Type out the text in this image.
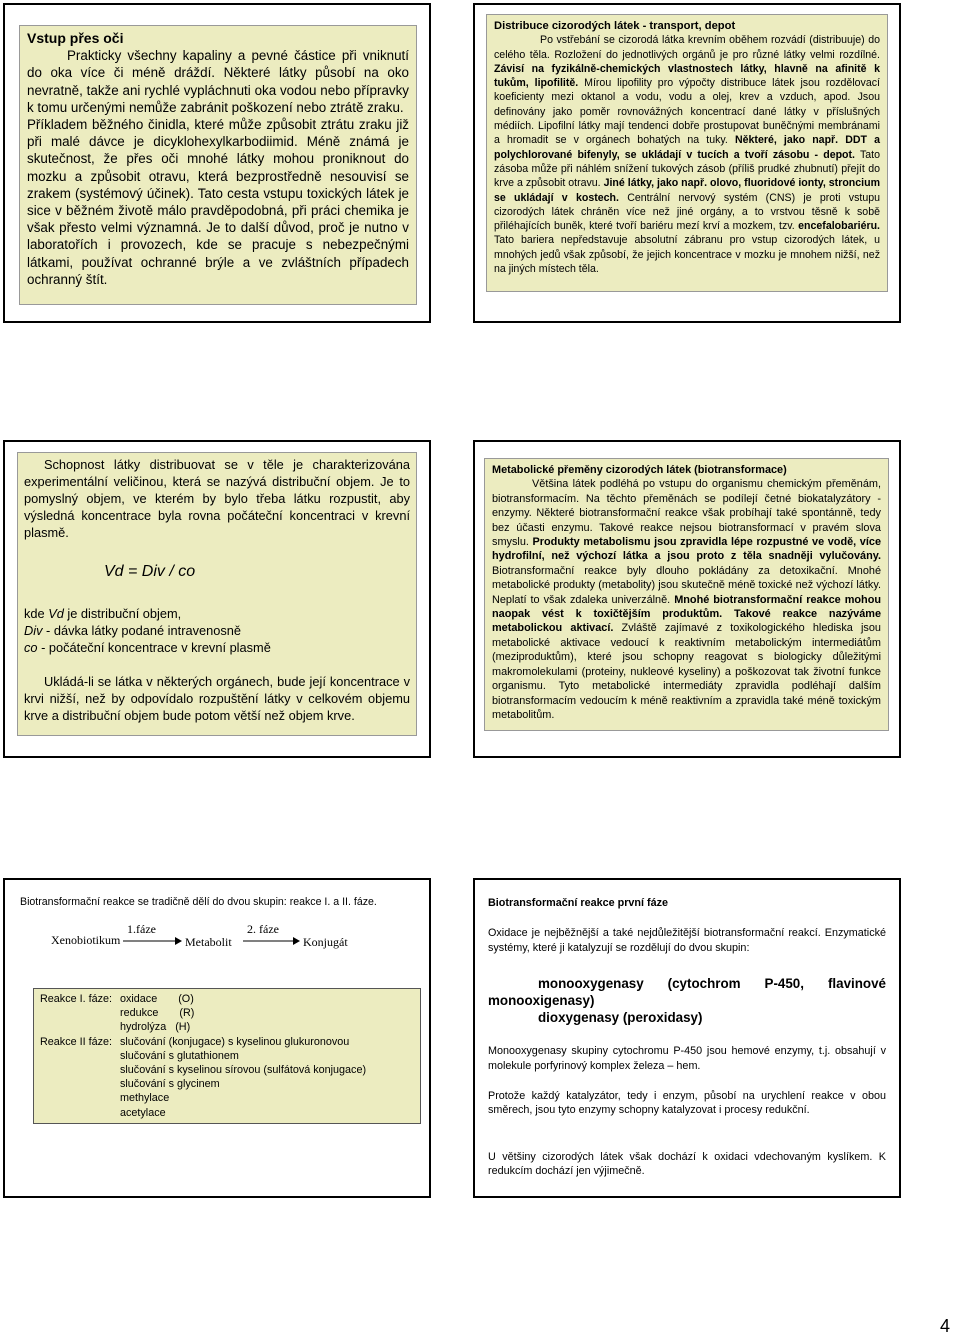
Vstup přes oči

Prakticky všechny kapaliny a pevné částice při vniknutí do oka více či méně dráždí. Některé látky působí na oko nevratně, takže ani rychlé vypláchnuti oka vodou nebo přípravky k tomu určenými nemůže zabránit poškození nebo ztrátě zraku.

Příkladem běžného činidla, které může způsobit ztrátu zraku již při malé dávce je dicyklohexylkarbodiimid. Méně známá je skutečnost, že přes oči mnohé látky mohou proniknout do mozku a způsobit otravu, která bezprostředně nesouvisí se zrakem (systémový účinek). Tato cesta vstupu toxických látek je sice v běžném životě málo pravděpodobná, při práci chemika je však přesto velmi významná. Je to další důvod, proč je nutno v laboratořích i provozech, kde se pracuje s nebezpečnými látkami, používat ochranné brýle a ve zvláštních případech ochranný štít.
Distribuce cizorodých látek - transport, depot

Po vstřebání se cizorodá látka krevním oběhem rozvádí (distribuuje) do celého těla. Rozložení do jednotlivých orgánů je pro různé látky velmi rozdílné. Závisí na fyzikálně-chemických vlastnostech látky, hlavně na afinitě k tukům, lipofilitě. Mírou lipofility pro výpočty distribuce látek jsou rozdělovací koeficienty mezi oktanol a vodu, vodu a olej, krev a vzduch, apod. Jsou definovány jako poměr rovnovážných koncentrací dané látky v příslušných médiích. Lipofilní látky mají tendenci dobře prostupovat buněčnými membránami a hromadit se v orgánech bohatých na tuky. Některé, jako např. DDT a polychlorované bifenyly, se ukládají v tucích a tvoří zásobu - depot. Tato zásoba může při náhlém snížení tukových zásob (příliš prudké zhubnutí) přejít do krve a způsobit otravu. Jiné látky, jako např. olovo, fluoridové ionty, stroncium se ukládají v kostech. Centrální nervový systém (CNS) je proti vstupu cizorodých látek chráněn více než jiné orgány, a to vrstvou těsně k sobě přiléhajících buněk, které tvoří bariéru mezí krví a mozkem, tzv. encefalobariéru. Tato bariera nepředstavuje absolutní zábranu pro vstup cizorodých látek, u mnohých jedů však způsobí, že jejich koncentrace v mozku je mnohem nižší, než na jiných místech těla.

Schopnost látky distribuovat se v těle je charakterizována experimentální veličinou, která se nazývá distribuční objem. Je to pomyslný objem, ve kterém by bylo třeba látku rozpustit, aby výsledná koncentrace byla rovna počáteční koncentraci v krevní plasmě.

Vd = Div / co

kde Vd je distribuční objem,

Div - dávka látky podané intravenosně

co - počáteční koncentrace v krevní plasmě

Ukládá-li se látka v některých orgánech, bude její koncentrace v krvi nižší, než by odpovídalo rozpuštění látky v celkovém objemu krve a distribuční objem bude potom větší než objem krve.

Metabolické přeměny cizorodých látek (biotransformace)

Většina látek podléhá po vstupu do organismu chemickým přeměnám, biotransformacím. Na těchto přeměnách se podílejí četné biokatalyzátory - enzymy. Některé biotransformační reakce však probíhají také spontánně, tedy bez účasti enzymu. Takové reakce nejsou biotransformací v pravém slova smyslu. Produkty metabolismu jsou zpravidla lépe rozpustné ve vodě, více hydrofilní, než výchozí látka a jsou proto z těla snadněji vylučovány. Biotransformační reakce byly dlouho pokládány za detoxikační. Mnohé metabolické produkty (metabolity) jsou skutečně méně toxické než výchozí látky. Neplatí to však zdaleka univerzálně. Mnohé biotransformační reakce mohou naopak vést k toxičtějším produktům. Takové reakce nazýváme metabolickou aktivací. Zvláště zajímavé z toxikologického hlediska jsou metabolické aktivace vedoucí k reaktivním metabolickým intermediátům (meziproduktům), které jsou schopny reagovat s biologicky důležitými makromolekulami (proteiny, nukleové kyseliny) a poškozovat tak životní funkce organismu. Tyto metabolické intermediáty zpravidla podléhají dalším biotransformacím vedoucím k méně reaktivním a zpravidla také méně toxickým metabolitům.

Biotransformační reakce se tradičně dělí do dvou skupin: reakce I. a II. fáze.
Xenobiotikum
1.fáze
Metabolit
2. fáze
Konjugát
Reakce I. fáze: oxidace       (O)
redukce       (R)
hydrolýza   (H)
Reakce II fáze: slučování (konjugace) s kyselinou glukuronovou
slučování s glutathionem
slučování s kyselinou sírovou (sulfátová konjugace)
slučování s glycinem
methylace
acetylace
Biotransformační reakce první fáze

Oxidace je nejběžnější a také nejdůležitější biotransformační reakcí. Enzymatické systémy, které ji katalyzují se rozdělují do dvou skupin:

monooxygenasy (cytochrom P-450, flavinové monooxigenasy)

dioxygenasy (peroxidasy)

Monooxygenasy skupiny cytochromu P-450 jsou hemové enzymy, t.j. obsahují v molekule porfyrinový komplex železa – hem.

Protože každý katalyzátor, tedy i enzym, působí na urychlení reakce v obou směrech, jsou tyto enzymy schopny katalyzovat i procesy redukční.

U většiny cizorodých látek však dochází k oxidaci vdechovaným kyslíkem. K redukcím dochází jen výjimečně.

4
